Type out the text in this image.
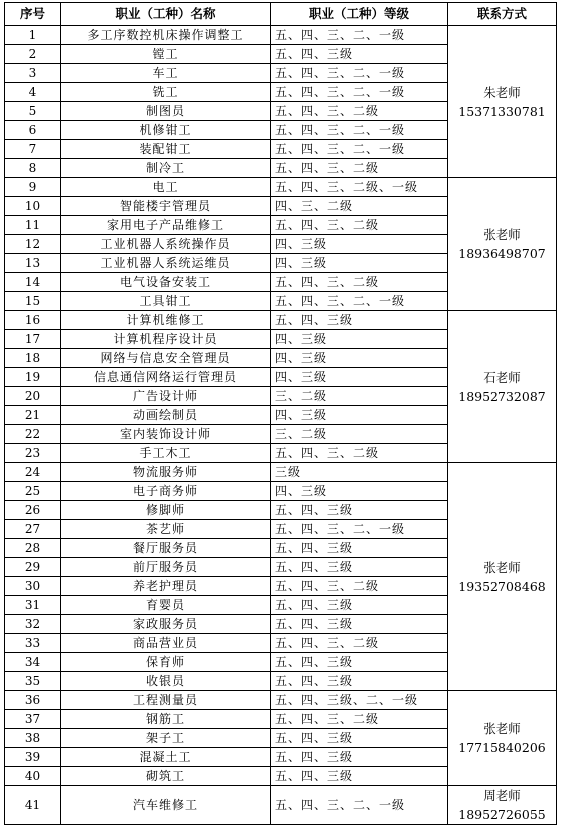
序号	职业（工种）名称	职业（工种）等级	联系方式
1	多工序数控机床操作调整工	五、四、三、二、一级	朱老师
15371330781

2	镗工	五、四、三级	
3	车工	五、四、三、二、一级	
4	铣工	五、四、三、二、一级	
5	制图员	五、四、三、二级	
6	机修钳工	五、四、三、二、一级	
7	装配钳工	五、四、三、二、一级	
8	制冷工	五、四、三、二级	
9	电工	五、四、三、二级、一级	张老师
18936498707

10	智能楼宇管理员	四、三、二级	
11	家用电子产品维修工	五、四、三、二级	
12	工业机器人系统操作员	四、三级	
13	工业机器人系统运维员	四、三级	
14	电气设备安装工	五、四、三、二级	
15	工具钳工	五、四、三、二、一级	
16	计算机维修工	五、四、三级	石老师
18952732087

17	计算机程序设计员	四、三级	
18	网络与信息安全管理员	四、三级	
19	信息通信网络运行管理员	四、三级	
20	广告设计师	三、二级	
21	动画绘制员	四、三级	
22	室内装饰设计师	三、二级	
23	手工木工	五、四、三、二级	
24	物流服务师	三级	张老师
19352708468

25	电子商务师	四、三级	
26	修脚师	五、四、三级	
27	茶艺师	五、四、三、二、一级	
28	餐厅服务员	五、四、三级	
29	前厅服务员	五、四、三级	
30	养老护理员	五、四、三、二级	
31	育婴员	五、四、三级	
32	家政服务员	五、四、三级	
33	商品营业员	五、四、三、二级	
34	保育师	五、四、三级	
35	收银员	五、四、三级	
36	工程测量员	五、四、三级、二、一级	张老师
17715840206

37	钢筋工	五、四、三、二级	
38	架子工	五、四、三级	
39	混凝土工	五、四、三级	
40	砌筑工	五、四、三级	
41	汽车维修工	五、四、三、二、一级	周老师
18952726055
